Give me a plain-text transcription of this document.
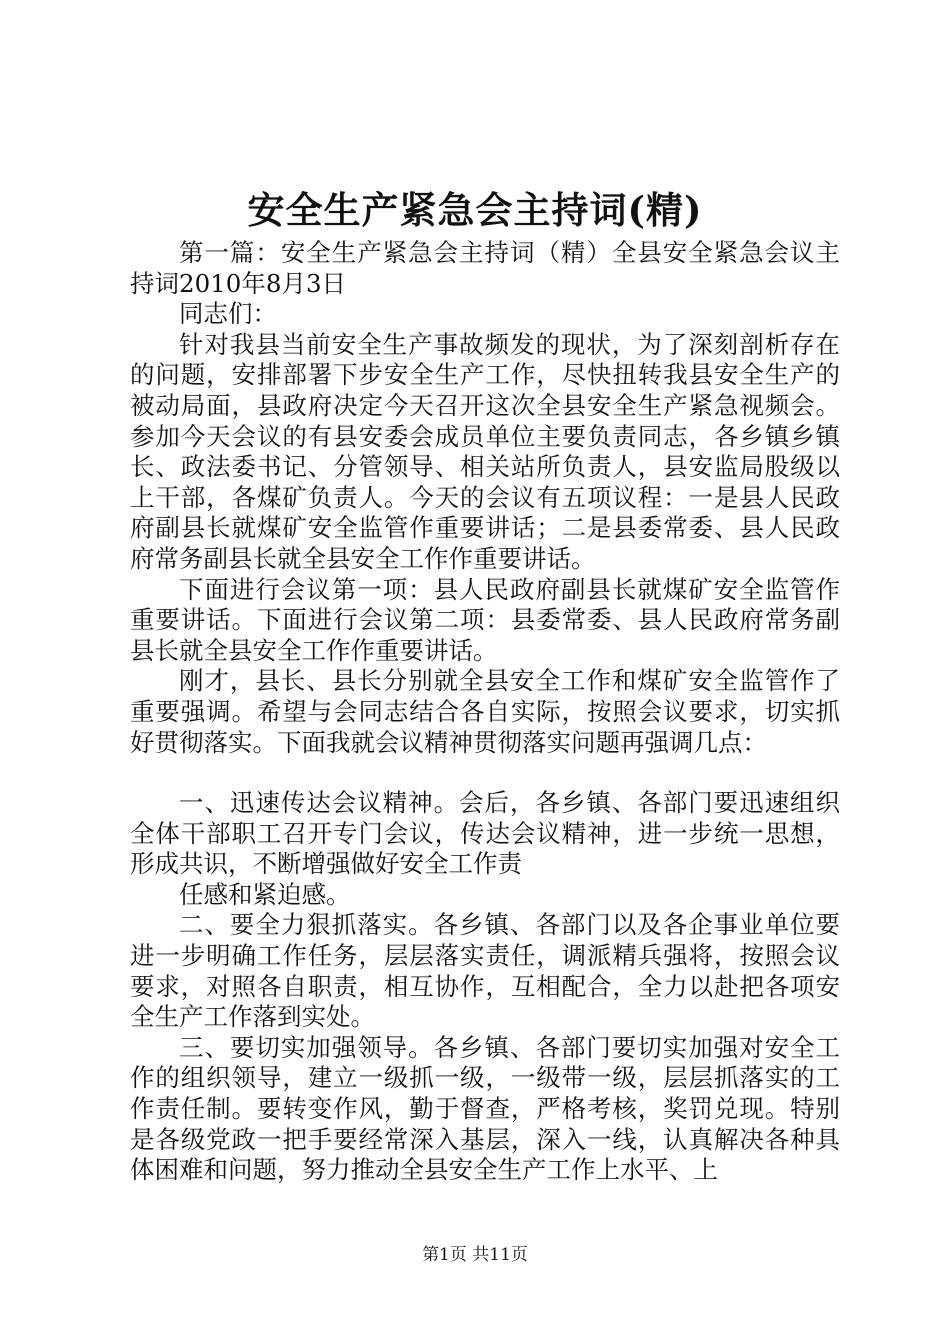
安全生产紧急会主持词(精)

第一篇：安全生产紧急会主持词（精）全县安全紧急会议主持词2010年8月3日

同志们：

针对我县当前安全生产事故频发的现状，为了深刻剖析存在的问题，安排部署下步安全生产工作，尽快扭转我县安全生产的被动局面，县政府决定今天召开这次全县安全生产紧急视频会。参加今天会议的有县安委会成员单位主要负责同志，各乡镇乡镇长、政法委书记、分管领导、相关站所负责人，县安监局股级以上干部，各煤矿负责人。今天的会议有五项议程：一是县人民政府副县长就煤矿安全监管作重要讲话；二是县委常委、县人民政府常务副县长就全县安全工作作重要讲话。

下面进行会议第一项：县人民政府副县长就煤矿安全监管作重要讲话。下面进行会议第二项：县委常委、县人民政府常务副县长就全县安全工作作重要讲话。

刚才，县长、县长分别就全县安全工作和煤矿安全监管作了重要强调。希望与会同志结合各自实际，按照会议要求，切实抓好贯彻落实。下面我就会议精神贯彻落实问题再强调几点：

一、迅速传达会议精神。会后，各乡镇、各部门要迅速组织全体干部职工召开专门会议，传达会议精神，进一步统一思想，形成共识，不断增强做好安全工作责

任感和紧迫感。

二、要全力狠抓落实。各乡镇、各部门以及各企事业单位要进一步明确工作任务，层层落实责任，调派精兵强将，按照会议要求，对照各自职责，相互协作，互相配合，全力以赴把各项安全生产工作落到实处。

三、要切实加强领导。各乡镇、各部门要切实加强对安全工作的组织领导，建立一级抓一级，一级带一级，层层抓落实的工作责任制。要转变作风，勤于督查，严格考核，奖罚兑现。特别是各级党政一把手要经常深入基层，深入一线，认真解决各种具体困难和问题，努力推动全县安全生产工作上水平、上

第1页 共11页
